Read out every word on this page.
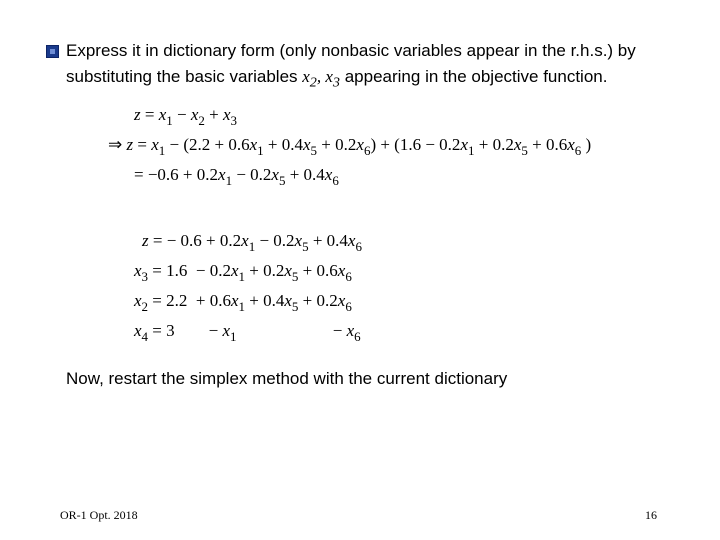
Express it in dictionary form (only nonbasic variables appear in the r.h.s.) by
substituting the basic variables $x_2$, $x_3$ appearing in the objective function.
$z = x_1 - x_2 + x_3$
⇒ $z = x_1 - (2.2 + 0.6x_1 + 0.4x_5 + 0.2x_6) + (1.6 - 0.2x_1 + 0.2x_5 + 0.6x_6$ )
= $-0.6 + 0.2x_1 - 0.2x_5 + 0.4x_6$
z = − $0.6 + 0.2x_1 - 0.2x_5 + 0.4x_6$
$x_3 = 1.6 - 0.2x_1 + 0.2x_5 + 0.6x_6$
$x_2 = 2.2 + 0.6x_1 + 0.4x_5 + 0.2x_6$
$x_4 = 3$        − $x_1$	− $x_6$
Now, restart the simplex method with the current dictionary
OR-1 Opt. 2018	16
